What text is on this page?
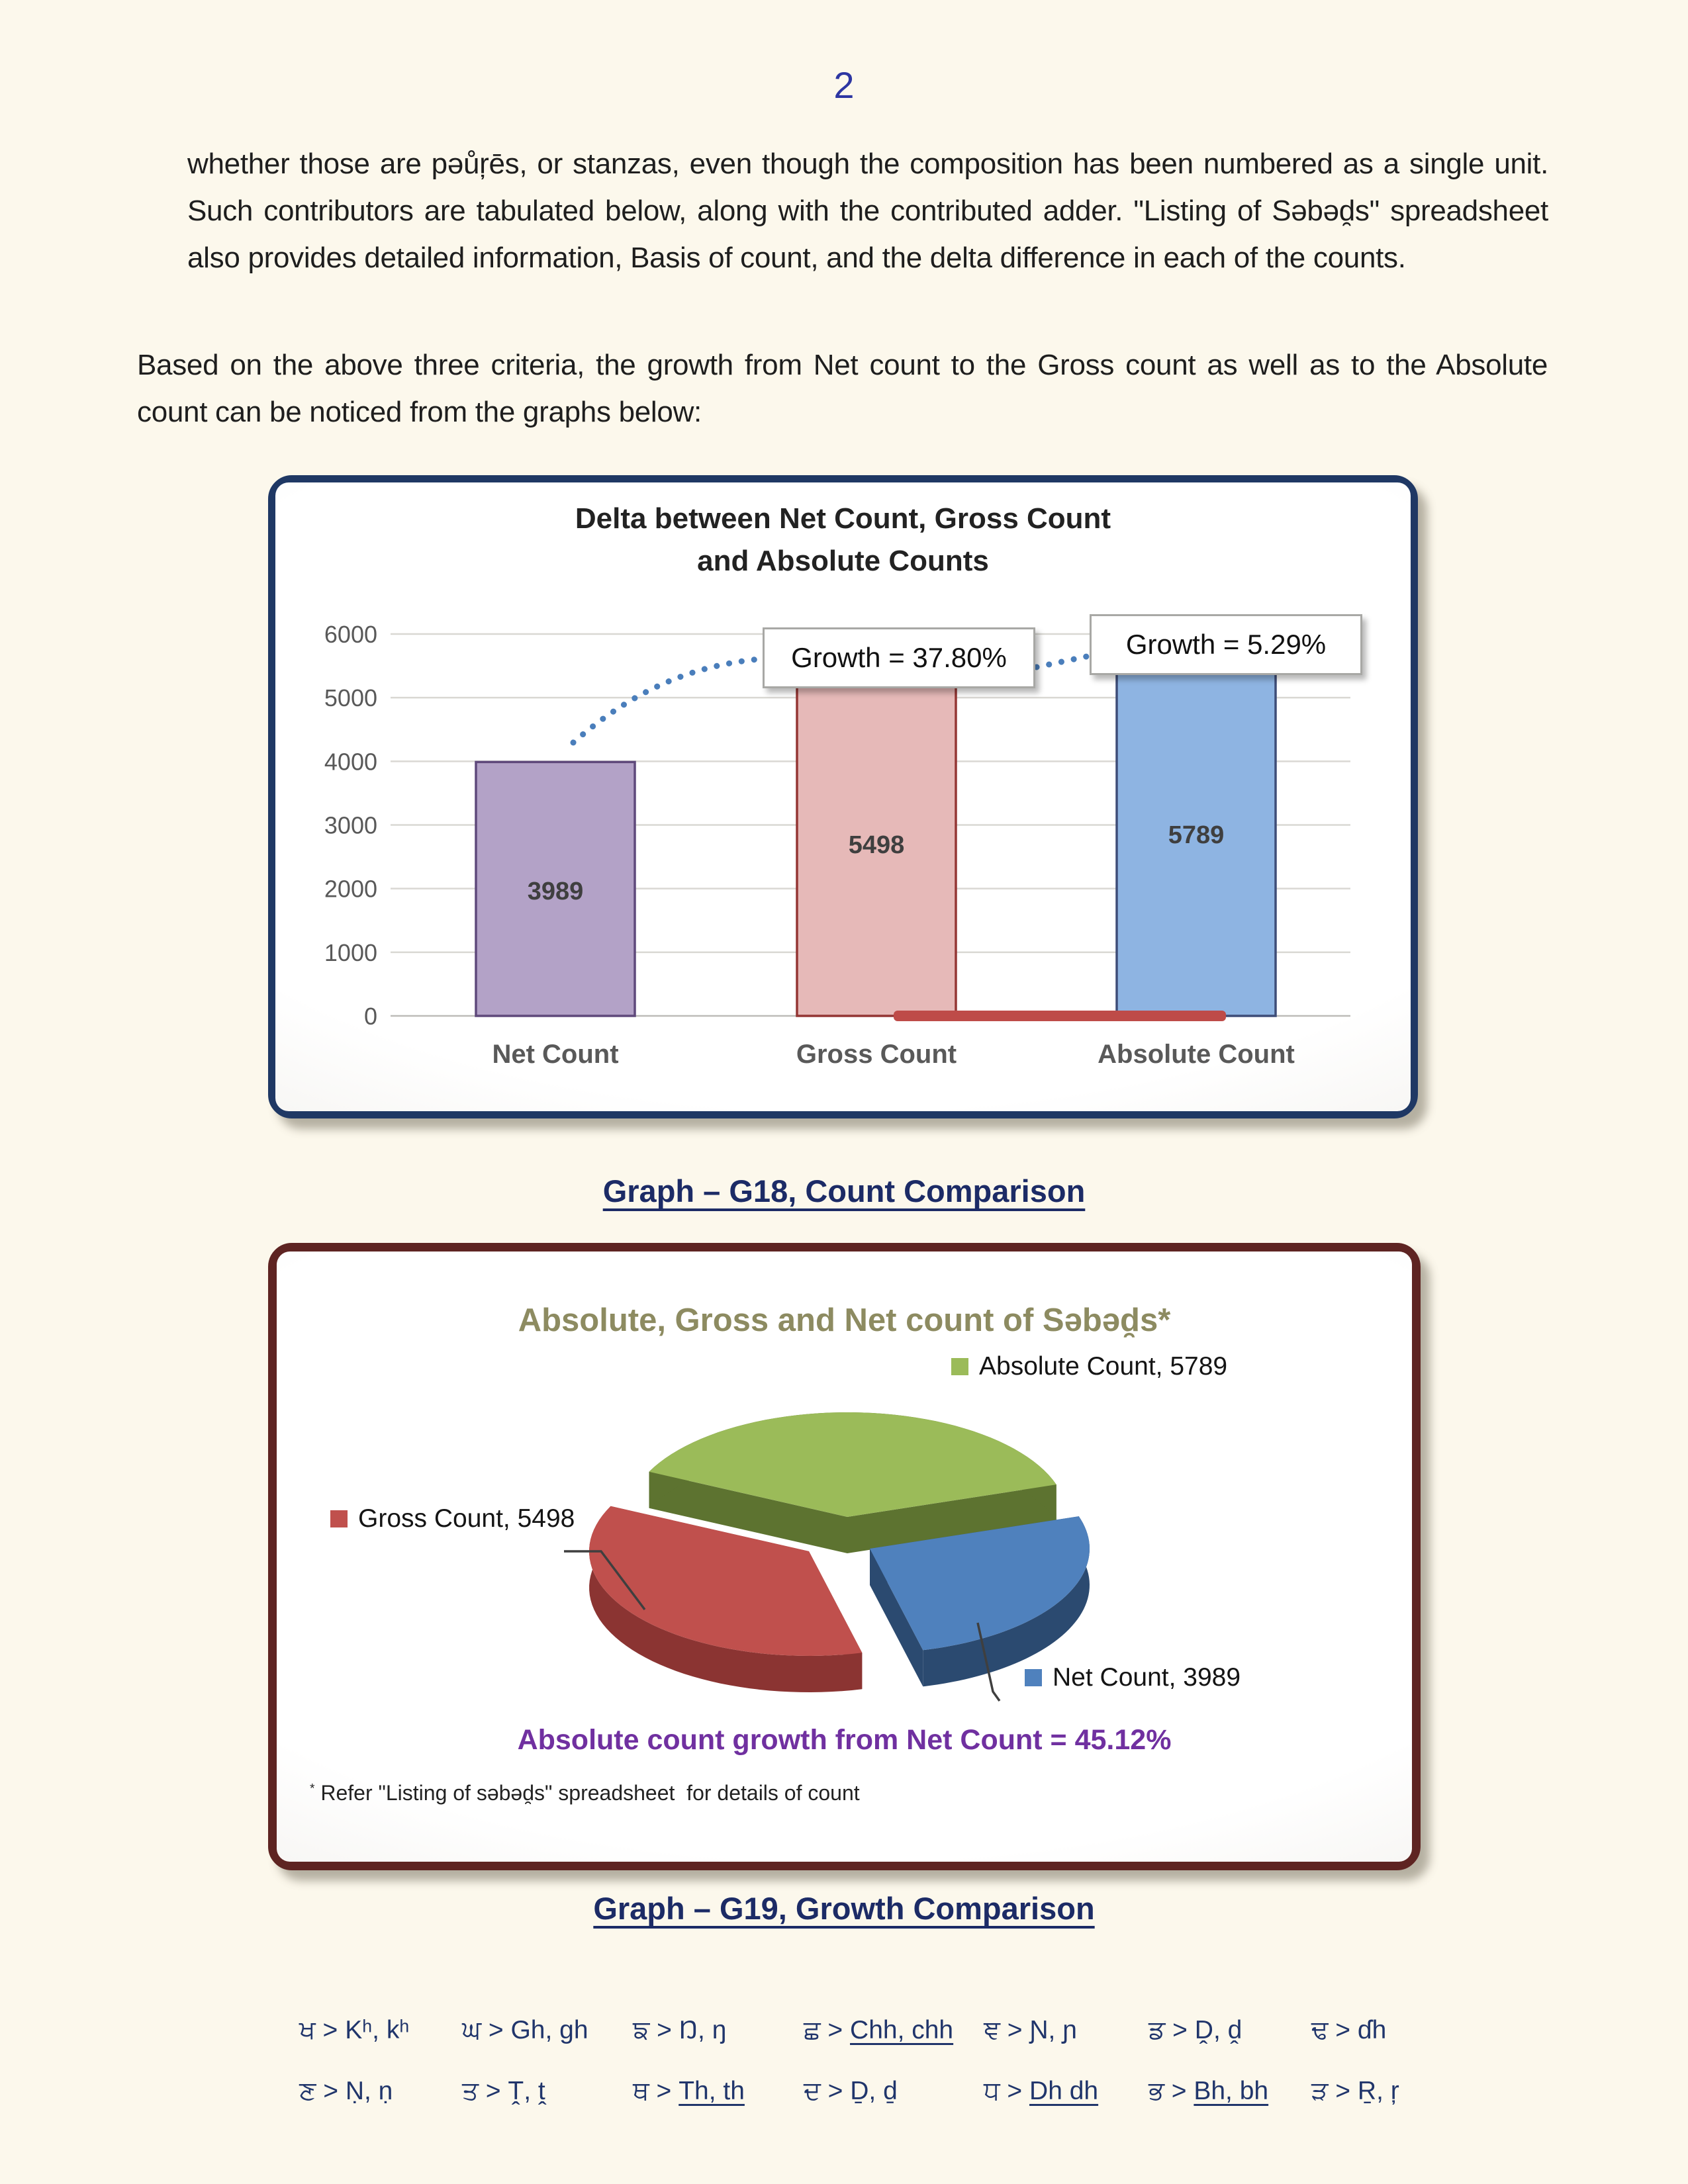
2
whether those are pəůŗēs, or stanzas, even though the composition has been numbered as a single unit. Such contributors are tabulated below, along with the contributed adder. "Listing of Səbəd̯s" spreadsheet also provides detailed information, Basis of count, and the delta difference in each of the counts.
Based on the above three criteria, the growth from Net count to the Gross count as well as to the Absolute count can be noticed from the graphs below:
Delta between Net Count, Gross Count
and Absolute Counts
0
1000
2000
3000
4000
5000
6000
3989
Net Count
5498
Gross Count
5789
Absolute Count
Growth = 37.80%	Growth = 5.29%
Graph – G18, Count Comparison
Absolute, Gross and Net count of Səbəd̯s*
Absolute Count, 5789
Gross Count, 5498
Net Count, 3989
Absolute count growth from Net Count = 45.12%
* Refer "Listing of səbəd̯s" spreadsheet  for details of count
Graph – G19, Growth Comparison
ਖ > Kʰ, kʰ ਘ > Gh, gh ਙ > Ŋ, ŋ	ਛ > Chh, chh ਞ > Ɲ, ɲ	ਡ > Ḓ, ḓ	ਢ > ɗh
ਣ > Ṇ, ṇ	ਤ > Ṱ, ṱ	ਥ > Th, th ਦ > Ḏ, ḏ	ਧ > Dh dh ਭ > Bh, bh ੜ > Ṟ, ŗ
